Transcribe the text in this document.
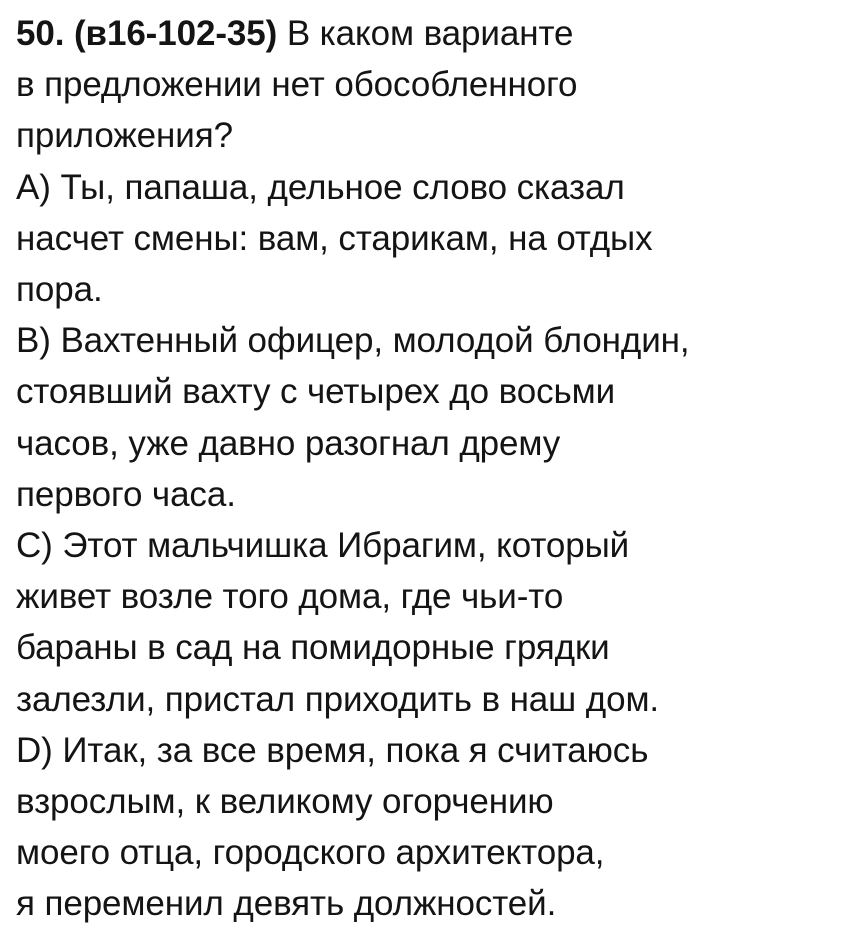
50. (в16-102-35) В каком варианте
в предложении нет обособленного
приложения?
А) Ты, папаша, дельное слово сказал
насчет смены: вам, старикам, на отдых
пора.
В) Вахтенный офицер, молодой блондин,
стоявший вахту с четырех до восьми
часов, уже давно разогнал дрему
первого часа.
С) Этот мальчишка Ибрагим, который
живет возле того дома, где чьи-то
бараны в сад на помидорные грядки
залезли, пристал приходить в наш дом.
D) Итак, за все время, пока я считаюсь
взрослым, к великому огорчению
моего отца, городского архитектора,
я переменил девять должностей.
